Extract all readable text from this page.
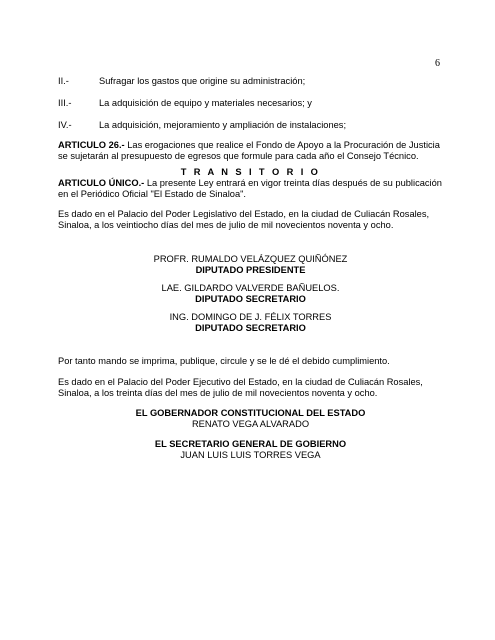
6
II.-	Sufragar los gastos que origine su administración;
III.-	La adquisición de equipo y materiales necesarios; y
IV.-	La adquisición, mejoramiento y ampliación de instalaciones;
ARTICULO 26.- Las erogaciones que realice el Fondo de Apoyo a la Procuración de Justicia se sujetarán al presupuesto de egresos que formule para cada año el Consejo Técnico.
T R A N S I T O R I O
ARTICULO ÚNICO.- La presente Ley entrará en vigor treinta días después de su publicación en el Periódico Oficial "El Estado de Sinaloa".
Es dado en el Palacio del Poder Legislativo del Estado, en la ciudad de Culiacán Rosales, Sinaloa, a los veintiocho días del mes de julio de mil novecientos noventa y ocho.
PROFR. RUMALDO VELÁZQUEZ QUIÑÓNEZ
DIPUTADO PRESIDENTE
LAE. GILDARDO VALVERDE BAÑUELOS.
DIPUTADO SECRETARIO
ING. DOMINGO DE J. FÉLIX TORRES
DIPUTADO SECRETARIO
Por tanto mando se imprima, publique, circule y se le dé el debido cumplimiento.
Es dado en el Palacio del Poder Ejecutivo del Estado, en la ciudad de Culiacán Rosales, Sinaloa, a los treinta días del mes de julio de mil novecientos noventa y ocho.
EL GOBERNADOR CONSTITUCIONAL DEL ESTADO
RENATO VEGA ALVARADO
EL SECRETARIO GENERAL DE GOBIERNO
JUAN LUIS LUIS TORRES VEGA
